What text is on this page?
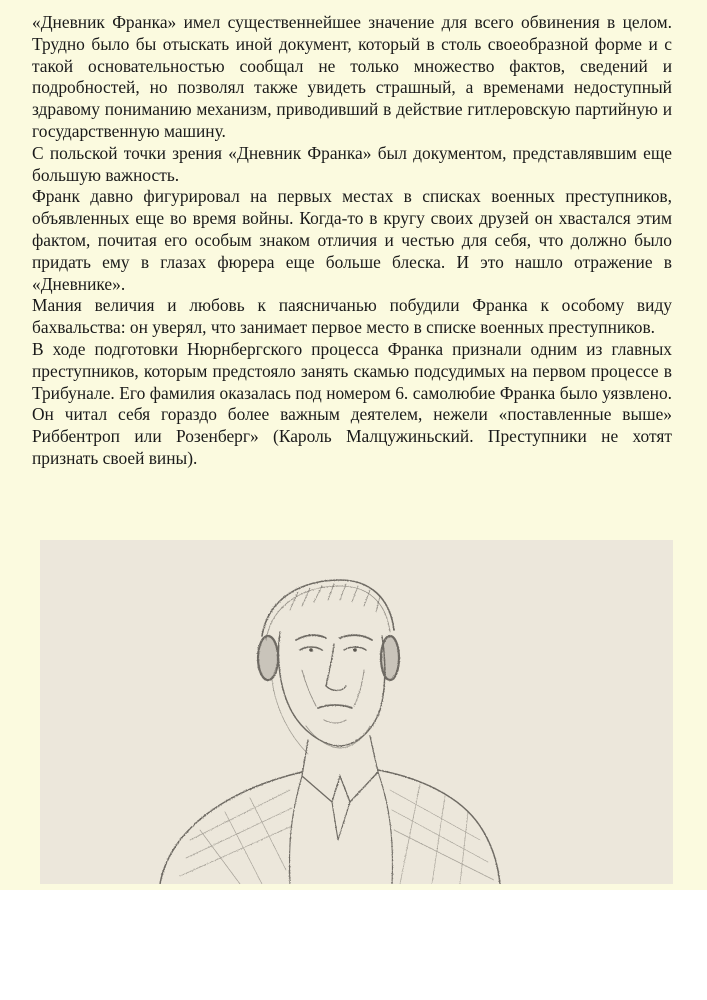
«Дневник Франка» имел существеннейшее значение для всего обвинения в целом. Трудно было бы отыскать иной документ, который в столь своеобразной форме и с такой основательностью сообщал не только множество фактов, сведений и подробностей, но позволял также увидеть страшный, а временами недоступный здравому пониманию механизм, приводивший в действие гитлеровскую партийную и государственную машину.

С польской точки зрения «Дневник Франка» был документом, представлявшим еще большую важность.

Франк давно фигурировал на первых местах в списках военных преступников, объявленных еще во время войны. Когда-то в кругу своих друзей он хвастался этим фактом, почитая его особым знаком отличия и честью для себя, что должно было придать ему в глазах фюрера еще больше блеска. И это нашло отражение в «Дневнике».

Мания величия и любовь к паясничанью побудили Франка к особому виду бахвальства: он уверял, что занимает первое место в списке военных преступников.

В ходе подготовки Нюрнбергского процесса Франка признали одним из главных преступников, которым предстояло занять скамью подсудимых на первом процессе в Трибунале. Его фамилия оказалась под номером 6. самолюбие Франка было уязвлено. Он читал себя гораздо более важным деятелем, нежели «поставленные выше» Риббентроп или Розенберг» (Кароль Малцужиньский. Преступники не хотят признать своей вины).
